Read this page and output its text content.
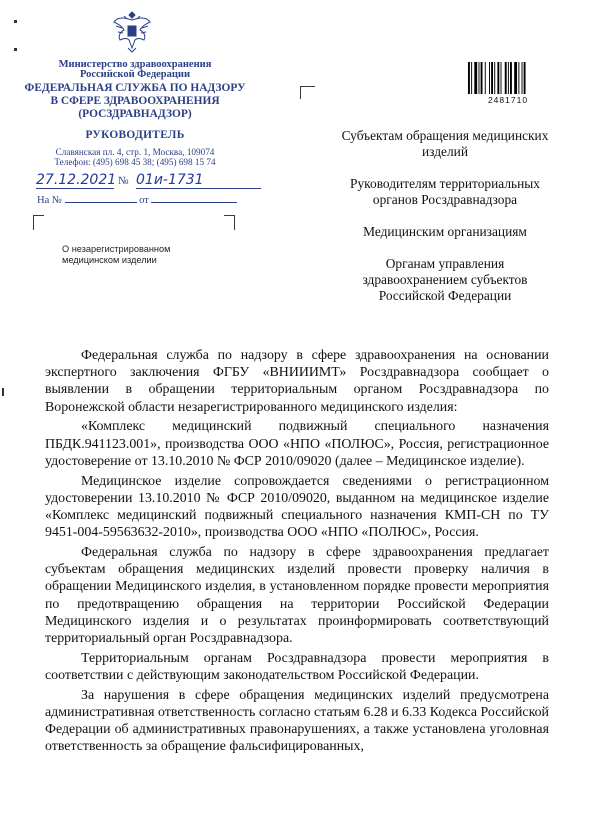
Министерство здравоохранения
Российской Федерации
ФЕДЕРАЛЬНАЯ СЛУЖБА ПО НАДЗОРУ
В СФЕРЕ ЗДРАВООХРАНЕНИЯ
(РОСЗДРАВНАДЗОР)
РУКОВОДИТЕЛЬ
Славянская пл. 4, стр. 1, Москва, 109074
Телефон: (495) 698 45 38; (495) 698 15 74
27.12.2021 № 01и-1731
На №	от
О незарегистрированном
медицинском изделии
2481710
Субъектам обращения медицинских изделий
Руководителям территориальных органов Росздравнадзора
Медицинским организациям
Органам управления здравоохранением субъектов Российской Федерации

Федеральная служба по надзору в сфере здравоохранения на основании экспертного заключения ФГБУ «ВНИИИМТ» Росздравнадзора сообщает о выявлении в обращении территориальным органом Росздравнадзора по Воронежской области незарегистрированного медицинского изделия:

«Комплекс медицинский подвижный специального назначения ПБДК.941123.001», производства ООО «НПО «ПОЛЮС», Россия, регистрационное удостоверение от 13.10.2010 № ФСР 2010/09020 (далее – Медицинское изделие).

Медицинское изделие сопровождается сведениями о регистрационном удостоверении 13.10.2010 № ФСР 2010/09020, выданном на медицинское изделие «Комплекс медицинский подвижный специального назначения КМП-СН по ТУ 9451-004-59563632-2010», производства ООО «НПО «ПОЛЮС», Россия.

Федеральная служба по надзору в сфере здравоохранения предлагает субъектам обращения медицинских изделий провести проверку наличия в обращении Медицинского изделия, в установленном порядке провести мероприятия по предотвращению обращения на территории Российской Федерации Медицинского изделия и о результатах проинформировать соответствующий территориальный орган Росздравнадзора.

Территориальным органам Росздравнадзора провести мероприятия в соответствии с действующим законодательством Российской Федерации.

За нарушения в сфере обращения медицинских изделий предусмотрена административная ответственность согласно статьям 6.28 и 6.33 Кодекса Российской Федерации об административных правонарушениях, а также установлена уголовная ответственность за обращение фальсифицированных,
